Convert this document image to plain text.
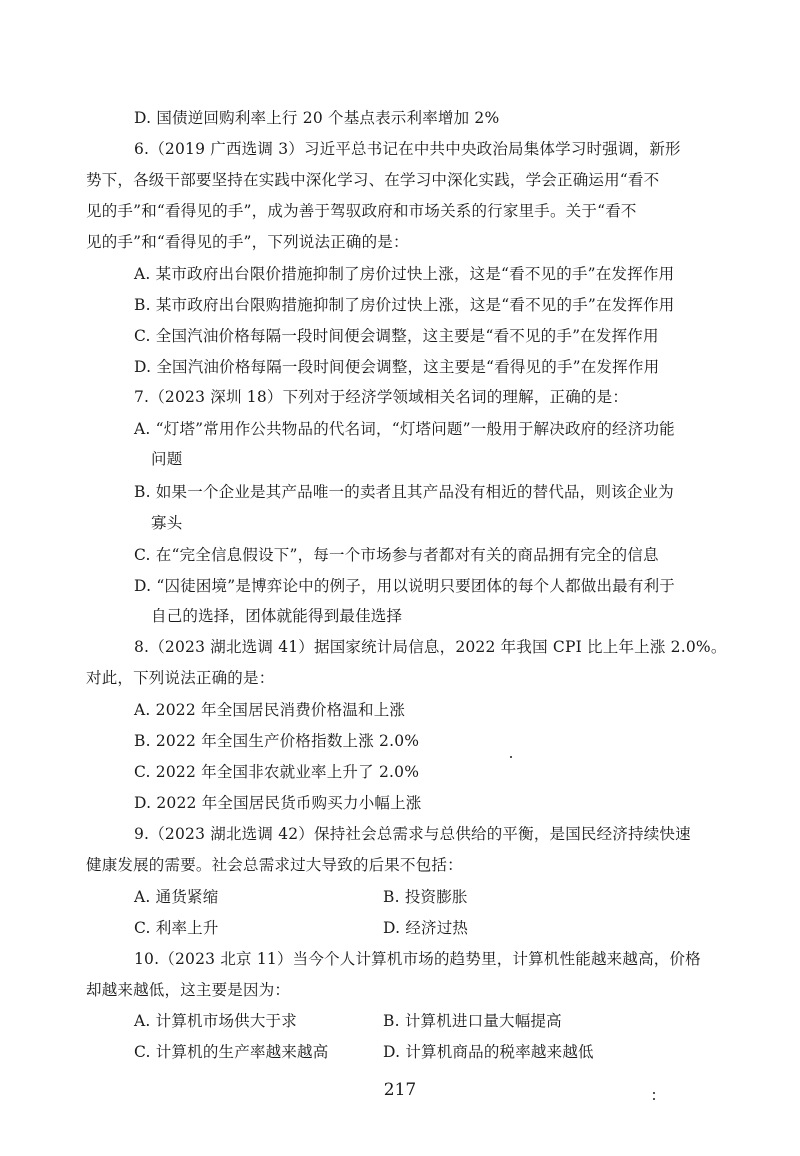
D. 国债逆回购利率上行 20 个基点表示利率增加 2%
6.（2019 广西选调 3）习近平总书记在中共中央政治局集体学习时强调，新形
势下，各级干部要坚持在实践中深化学习、在学习中深化实践，学会正确运用“看不
见的手”和“看得见的手”，成为善于驾驭政府和市场关系的行家里手。关于“看不
见的手”和“看得见的手”，下列说法正确的是：
A. 某市政府出台限价措施抑制了房价过快上涨，这是“看不见的手”在发挥作用
B. 某市政府出台限购措施抑制了房价过快上涨，这是“看不见的手”在发挥作用
C. 全国汽油价格每隔一段时间便会调整，这主要是“看不见的手”在发挥作用
D. 全国汽油价格每隔一段时间便会调整，这主要是“看得见的手”在发挥作用
7.（2023 深圳 18）下列对于经济学领域相关名词的理解，正确的是：
A. “灯塔”常用作公共物品的代名词，“灯塔问题”一般用于解决政府的经济功能
问题
B. 如果一个企业是其产品唯一的卖者且其产品没有相近的替代品，则该企业为
寡头
C. 在“完全信息假设下”，每一个市场参与者都对有关的商品拥有完全的信息
D. “囚徒困境”是博弈论中的例子，用以说明只要团体的每个人都做出最有利于
自己的选择，团体就能得到最佳选择
8.（2023 湖北选调 41）据国家统计局信息，2022 年我国 CPI 比上年上涨 2.0%。
对此，下列说法正确的是：
A. 2022 年全国居民消费价格温和上涨
B. 2022 年全国生产价格指数上涨 2.0%
C. 2022 年全国非农就业率上升了 2.0%
D. 2022 年全国居民货币购买力小幅上涨
9.（2023 湖北选调 42）保持社会总需求与总供给的平衡，是国民经济持续快速
健康发展的需要。社会总需求过大导致的后果不包括：
A. 通货紧缩	B. 投资膨胀
C. 利率上升	D. 经济过热
10.（2023 北京 11）当今个人计算机市场的趋势里，计算机性能越来越高，价格
却越来越低，这主要是因为：
A. 计算机市场供大于求	B. 计算机进口量大幅提高
C. 计算机的生产率越来越高	D. 计算机商品的税率越来越低
217
